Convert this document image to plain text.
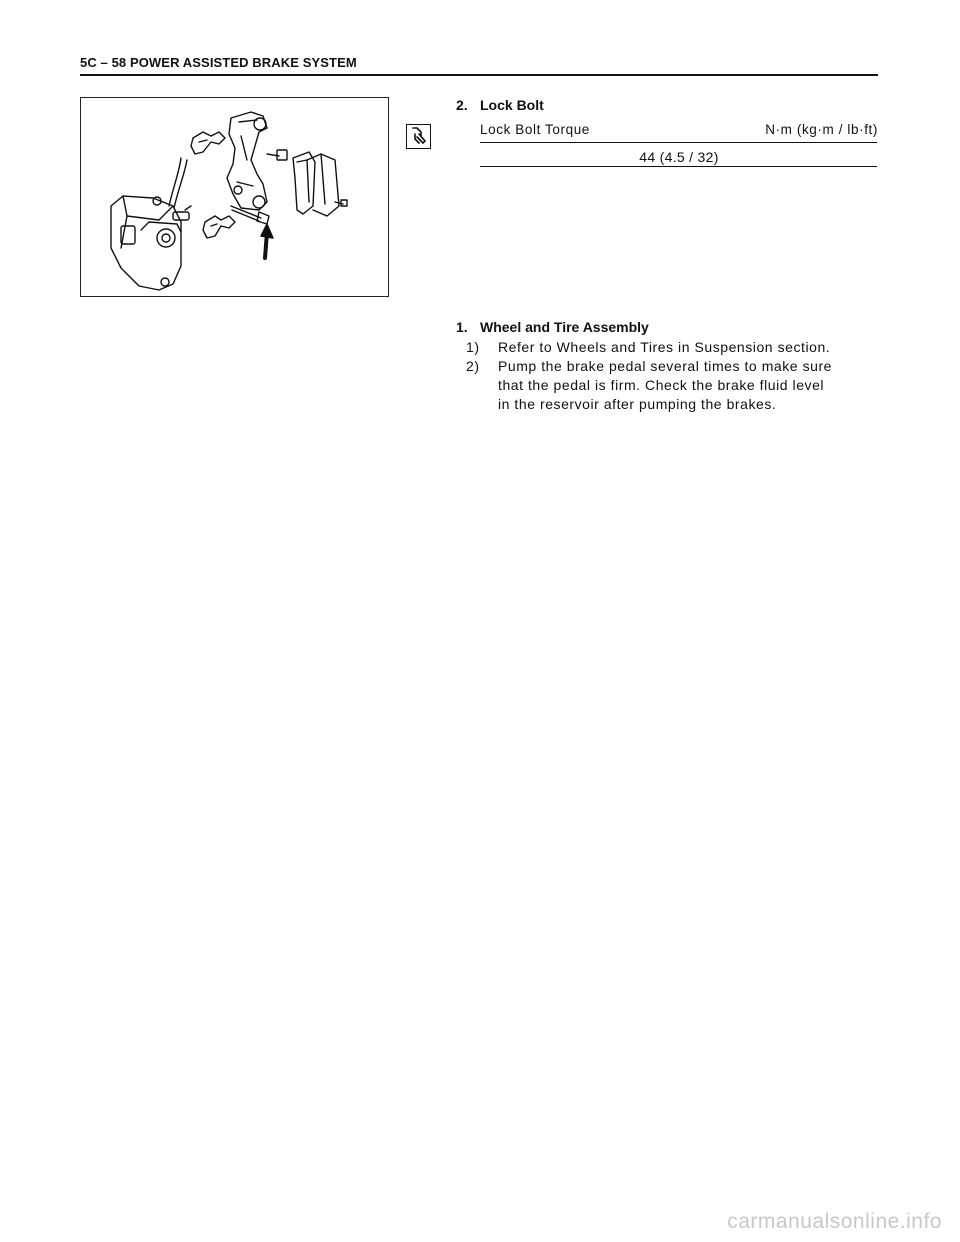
5C – 58 POWER ASSISTED BRAKE SYSTEM
2. Lock Bolt
Lock Bolt Torque	N·m (kg·m / lb·ft)
44 (4.5 / 32)
1. Wheel and Tire Assembly
1) Refer to Wheels and Tires in Suspension section.
2) Pump the brake pedal several times to make sure
that the pedal is firm. Check the brake fluid level
in the reservoir after pumping the brakes.
carmanualsonline.info
